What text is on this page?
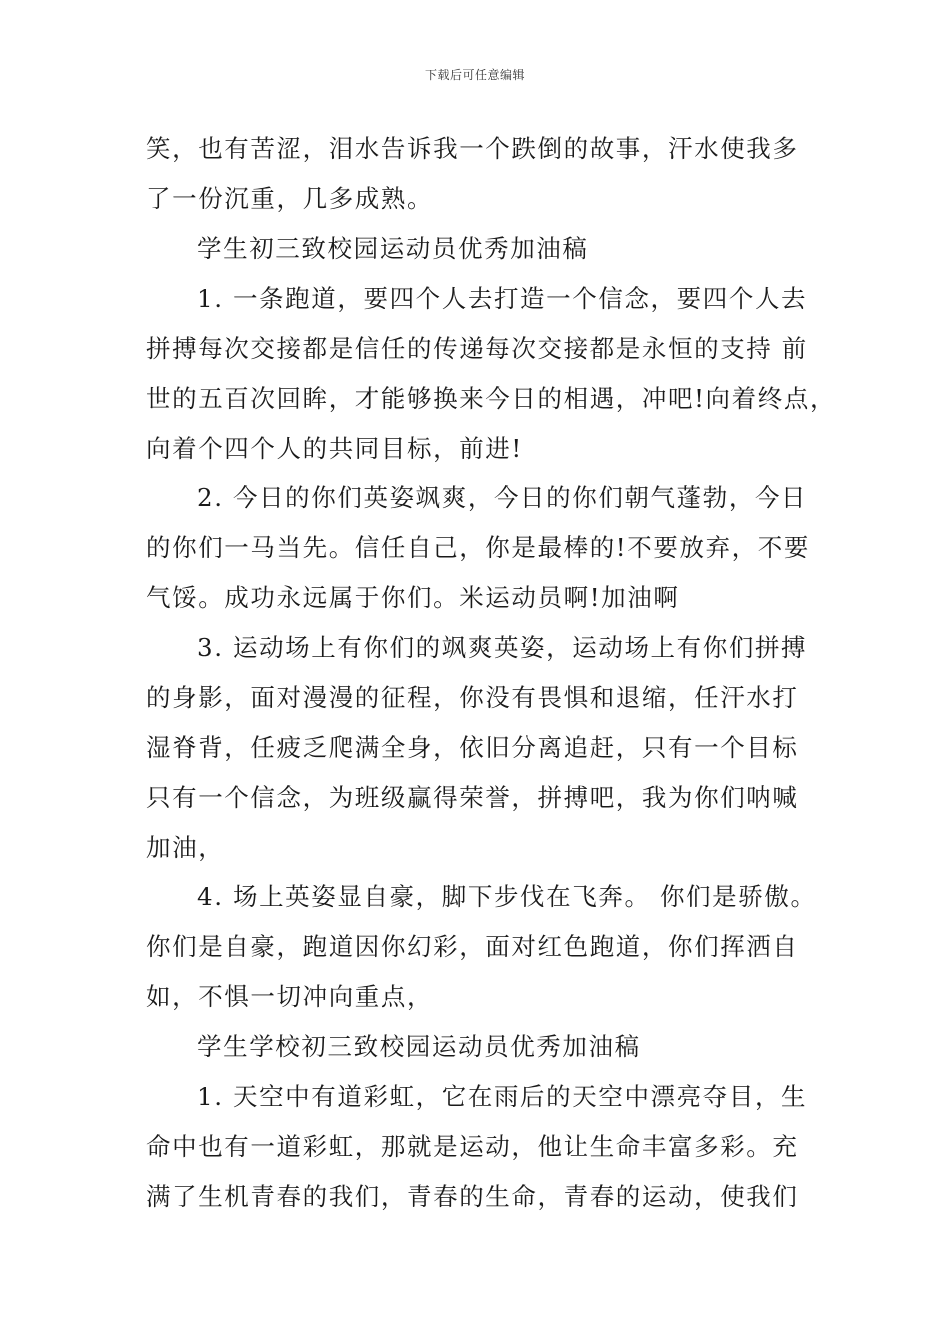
下载后可任意编辑
笑，也有苦涩，泪水告诉我一个跌倒的故事，汗水使我多
了一份沉重，几多成熟。
学生初三致校园运动员优秀加油稿
1. 一条跑道，要四个人去打造一个信念，要四个人去
拼搏每次交接都是信任的传递每次交接都是永恒的支持 前
世的五百次回眸，才能够换来今日的相遇，冲吧!向着终点，
向着个四个人的共同目标，前进!
2. 今日的你们英姿飒爽，今日的你们朝气蓬勃，今日
的你们一马当先。信任自己，你是最棒的!不要放弃，不要
气馁。成功永远属于你们。米运动员啊!加油啊
3. 运动场上有你们的飒爽英姿，运动场上有你们拼搏
的身影，面对漫漫的征程，你没有畏惧和退缩，任汗水打
湿脊背，任疲乏爬满全身，依旧分离追赶，只有一个目标
只有一个信念，为班级赢得荣誉，拼搏吧，我为你们呐喊
加油，
4. 场上英姿显自豪，脚下步伐在飞奔。 你们是骄傲。
你们是自豪，跑道因你幻彩，面对红色跑道，你们挥洒自
如，不惧一切冲向重点，
学生学校初三致校园运动员优秀加油稿
1. 天空中有道彩虹，它在雨后的天空中漂亮夺目，生
命中也有一道彩虹，那就是运动，他让生命丰富多彩。充
满了生机青春的我们，青春的生命，青春的运动，使我们
